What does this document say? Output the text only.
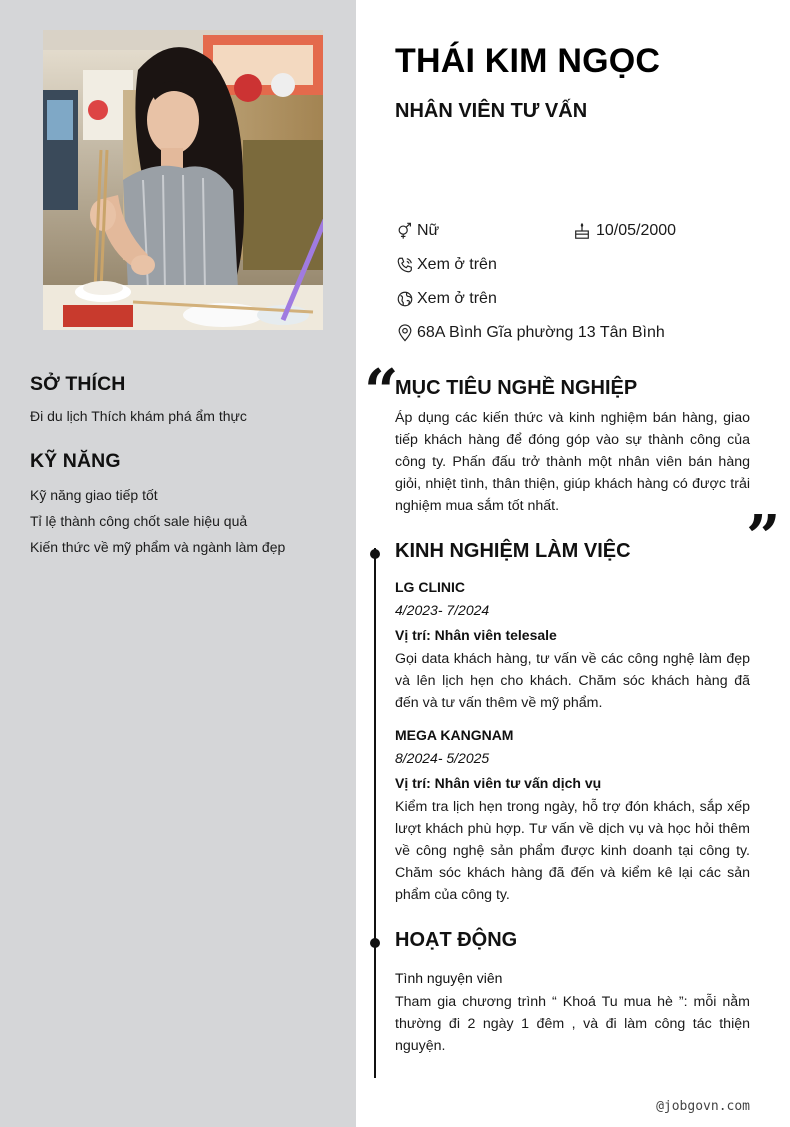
SỞ THÍCH

Đi du lịch Thích khám phá ẩm thực

KỸ NĂNG
Kỹ năng giao tiếp tốt
Tỉ lệ thành công chốt sale hiệu quả
Kiến thức về mỹ phẩm và ngành làm đẹp
THÁI KIM NGỌC
NHÂN VIÊN TƯ VẤN
Nữ	10/05/2000
Xem ở trên
Xem ở trên
68A Bình Gĩa phường 13 Tân Bình
“
MỤC TIÊU NGHỀ NGHIỆP

Áp dụng các kiến thức và kinh nghiệm bán hàng, giao tiếp khách hàng để đóng góp vào sự thành công của công ty. Phấn đấu trở thành một nhân viên bán hàng giỏi, nhiệt tình, thân thiện, giúp khách hàng có được trải nghiệm mua sắm tốt nhất.	”
KINH NGHIỆM LÀM VIỆC
LG CLINIC
4/2023- 7/2024
Vị trí: Nhân viên telesale

Gọi data khách hàng, tư vấn về các công nghệ làm đẹp và lên lịch hẹn cho khách. Chăm sóc khách hàng đã đến và tư vấn thêm về mỹ phẩm.

MEGA KANGNAM
8/2024- 5/2025
Vị trí: Nhân viên tư vấn dịch vụ

Kiểm tra lịch hẹn trong ngày, hỗ trợ đón khách, sắp xếp lượt khách phù hợp. Tư vấn về dịch vụ và học hỏi thêm về công nghệ sản phẩm được kinh doanh tại công ty. Chăm sóc khách hàng đã đến và kiểm kê lại các sản phẩm của công ty.

HOẠT ĐỘNG
Tình nguyện viên

Tham gia chương trình “ Khoá Tu mua hè ”: mỗi nằm thường đi 2 ngày 1 đêm , và đi làm công tác thiện nguyện.

@jobgovn.com
